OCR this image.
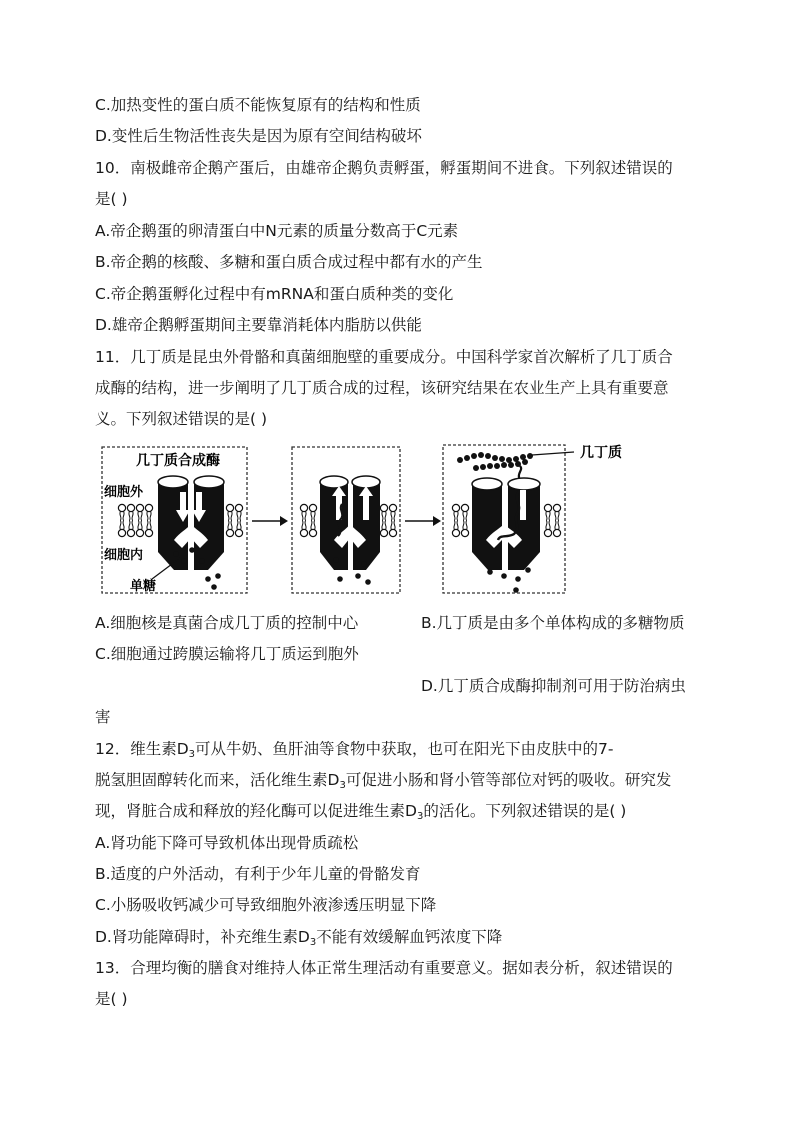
C.加热变性的蛋白质不能恢复原有的结构和性质
D.变性后生物活性丧失是因为原有空间结构破坏
10．南极雌帝企鹅产蛋后，由雄帝企鹅负责孵蛋，孵蛋期间不进食。下列叙述错误的
是( )
A.帝企鹅蛋的卵清蛋白中N元素的质量分数高于C元素
B.帝企鹅的核酸、多糖和蛋白质合成过程中都有水的产生
C.帝企鹅蛋孵化过程中有mRNA和蛋白质种类的变化
D.雄帝企鹅孵蛋期间主要靠消耗体内脂肪以供能
11．几丁质是昆虫外骨骼和真菌细胞壁的重要成分。中国科学家首次解析了几丁质合
成酶的结构，进一步阐明了几丁质合成的过程，该研究结果在农业生产上具有重要意
义。下列叙述错误的是( )
几丁质合成酶
细胞外
细胞内
单糖
几丁质
A.细胞核是真菌合成几丁质的控制中心	B.几丁质是由多个单体构成的多糖物质
C.细胞通过跨膜运输将几丁质运到胞外
D.几丁质合成酶抑制剂可用于防治病虫
害
12．维生素$D_3$可从牛奶、鱼肝油等食物中获取，也可在阳光下由皮肤中的7-
脱氢胆固醇转化而来，活化维生素$D_3$可促进小肠和肾小管等部位对钙的吸收。研究发
现，肾脏合成和释放的羟化酶可以促进维生素$D_3$的活化。下列叙述错误的是( )
A.肾功能下降可导致机体出现骨质疏松
B.适度的户外活动，有利于少年儿童的骨骼发育
C.小肠吸收钙减少可导致细胞外液渗透压明显下降
D.肾功能障碍时，补充维生素$D_3$不能有效缓解血钙浓度下降
13．合理均衡的膳食对维持人体正常生理活动有重要意义。据如表分析，叙述错误的
是( )
